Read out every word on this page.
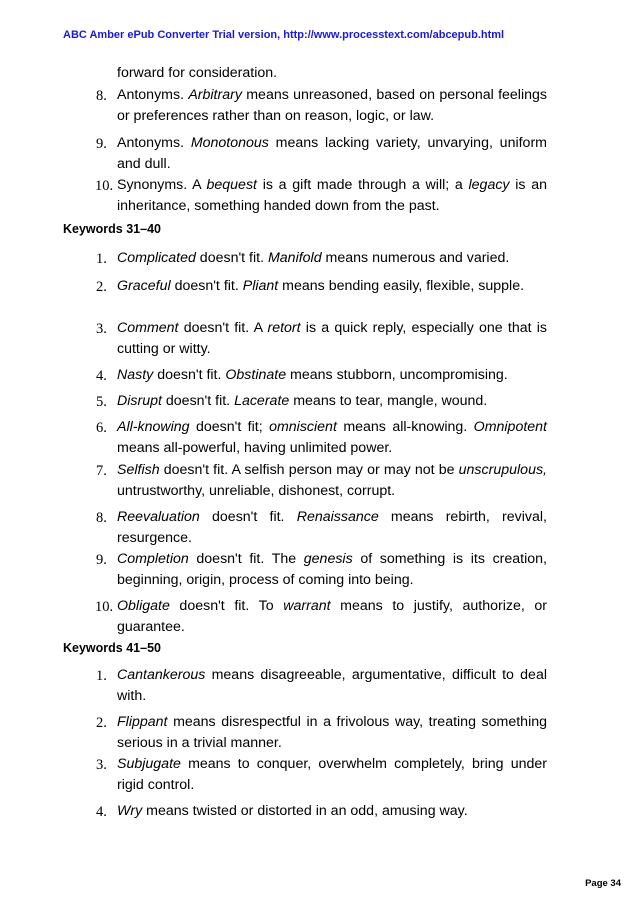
ABC Amber ePub Converter Trial version, http://www.processtext.com/abcepub.html
forward for consideration.
8. Antonyms. Arbitrary means unreasoned, based on personal feelings or preferences rather than on reason, logic, or law.
9. Antonyms. Monotonous means lacking variety, unvarying, uniform and dull.
10. Synonyms. A bequest is a gift made through a will; a legacy is an inheritance, something handed down from the past.
Keywords 31–40
1. Complicated doesn't fit. Manifold means numerous and varied.
2. Graceful doesn't fit. Pliant means bending easily, flexible, supple.
3. Comment doesn't fit. A retort is a quick reply, especially one that is cutting or witty.
4. Nasty doesn't fit. Obstinate means stubborn, uncompromising.
5. Disrupt doesn't fit. Lacerate means to tear, mangle, wound.
6. All-knowing doesn't fit; omniscient means all-knowing. Omnipotent means all-powerful, having unlimited power.
7. Selfish doesn't fit. A selfish person may or may not be unscrupulous, untrustworthy, unreliable, dishonest, corrupt.
8. Reevaluation doesn't fit. Renaissance means rebirth, revival, resurgence.
9. Completion doesn't fit. The genesis of something is its creation, beginning, origin, process of coming into being.
10. Obligate doesn't fit. To warrant means to justify, authorize, or guarantee.
Keywords 41–50
1. Cantankerous means disagreeable, argumentative, difficult to deal with.
2. Flippant means disrespectful in a frivolous way, treating something serious in a trivial manner.
3. Subjugate means to conquer, overwhelm completely, bring under rigid control.
4. Wry means twisted or distorted in an odd, amusing way.
Page 34
